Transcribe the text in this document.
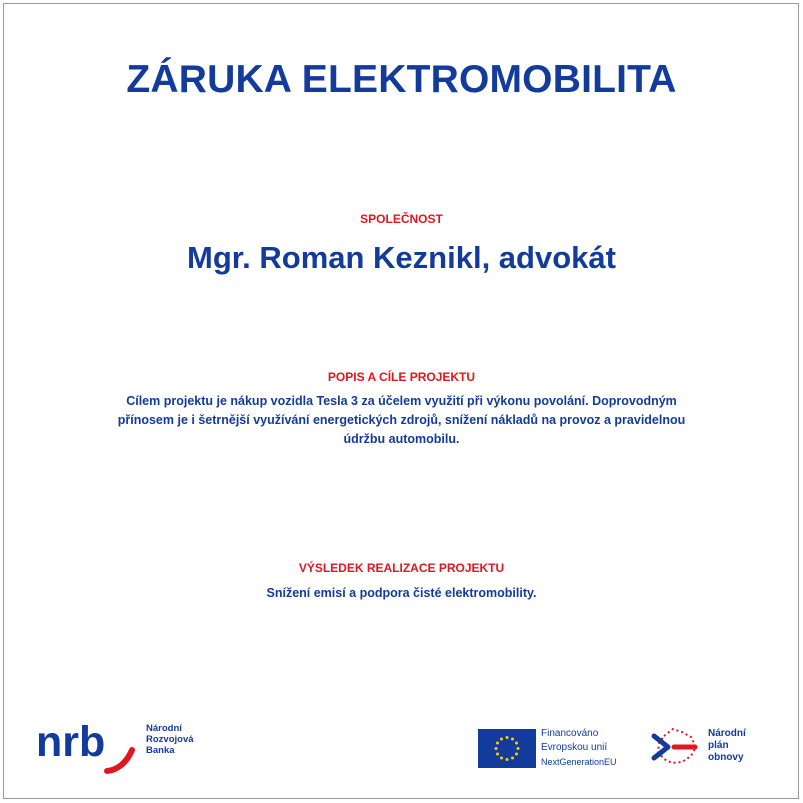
ZÁRUKA ELEKTROMOBILITA
SPOLEČNOST
Mgr. Roman Keznikl, advokát
POPIS A CÍLE PROJEKTU
Cílem projektu je nákup vozidla Tesla 3 za účelem využití při výkonu povolání. Doprovodným přínosem je i šetrnější využívání energetických zdrojů, snížení nákladů na provoz a pravidelnou údržbu automobilu.
VÝSLEDEK REALIZACE PROJEKTU
Snížení emisí a podpora čisté elektromobility.
nrb	Národní
Rozvojová
Banka
Financováno
Evropskou unií
NextGenerationEU
Národní
plán
obnovy
